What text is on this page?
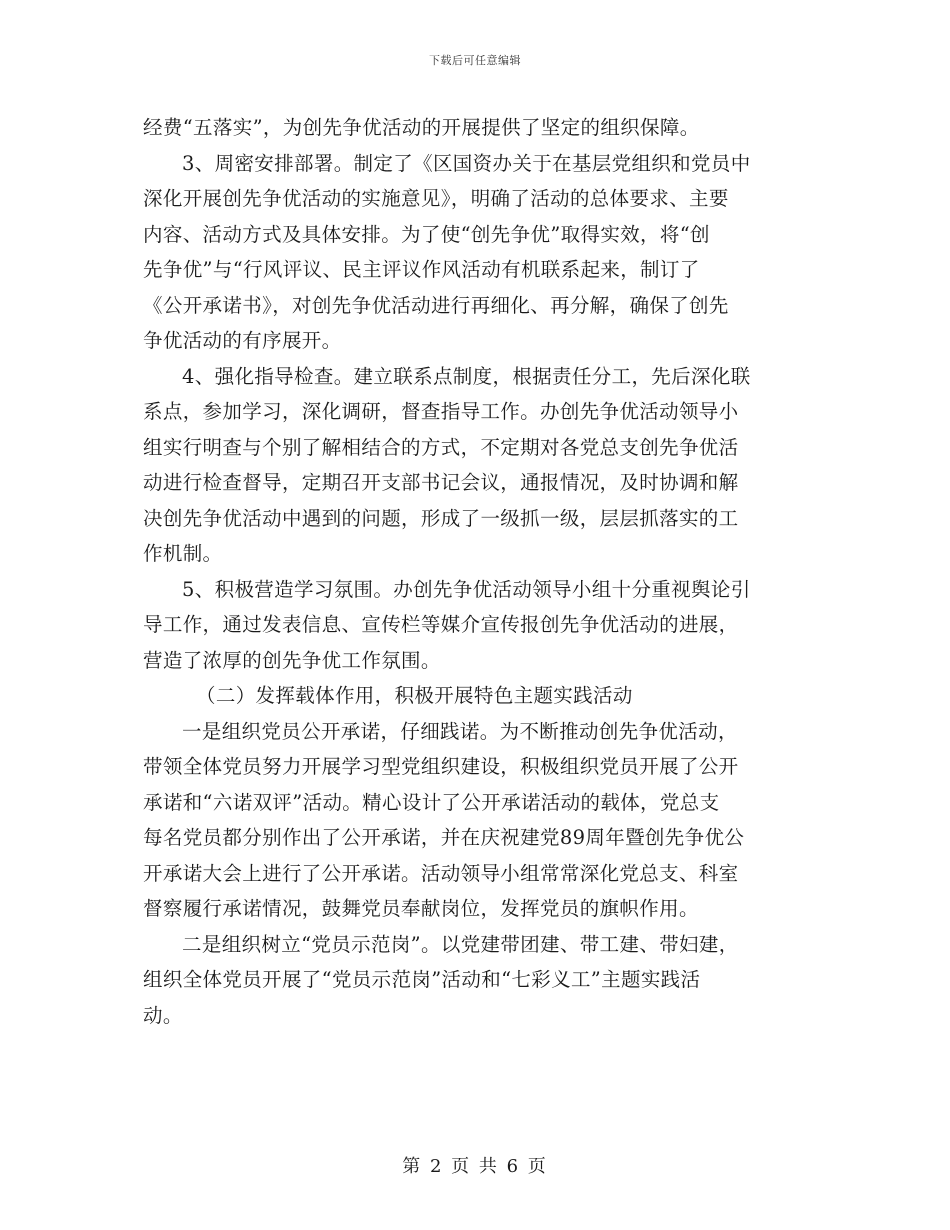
下载后可任意编辑
经费“五落实”，为创先争优活动的开展提供了坚定的组织保障。
3、周密安排部署。制定了《区国资办关于在基层党组织和党员中
深化开展创先争优活动的实施意见》，明确了活动的总体要求、主要
内容、活动方式及具体安排。为了使“创先争优”取得实效，将“创
先争优”与“行风评议、民主评议作风活动有机联系起来，制订了
《公开承诺书》，对创先争优活动进行再细化、再分解，确保了创先
争优活动的有序展开。
4、强化指导检查。建立联系点制度，根据责任分工，先后深化联
系点，参加学习，深化调研，督查指导工作。办创先争优活动领导小
组实行明查与个别了解相结合的方式，不定期对各党总支创先争优活
动进行检查督导，定期召开支部书记会议，通报情况，及时协调和解
决创先争优活动中遇到的问题，形成了一级抓一级，层层抓落实的工
作机制。
5、积极营造学习氛围。办创先争优活动领导小组十分重视舆论引
导工作，通过发表信息、宣传栏等媒介宣传报创先争优活动的进展，
营造了浓厚的创先争优工作氛围。
（二）发挥载体作用，积极开展特色主题实践活动
一是组织党员公开承诺，仔细践诺。为不断推动创先争优活动，
带领全体党员努力开展学习型党组织建设，积极组织党员开展了公开
承诺和“六诺双评”活动。精心设计了公开承诺活动的载体，党总支
每名党员都分别作出了公开承诺，并在庆祝建党89周年暨创先争优公
开承诺大会上进行了公开承诺。活动领导小组常常深化党总支、科室
督察履行承诺情况，鼓舞党员奉献岗位，发挥党员的旗帜作用。
二是组织树立“党员示范岗”。以党建带团建、带工建、带妇建，
组织全体党员开展了“党员示范岗”活动和“七彩义工”主题实践活
动。
第 2 页 共 6 页
